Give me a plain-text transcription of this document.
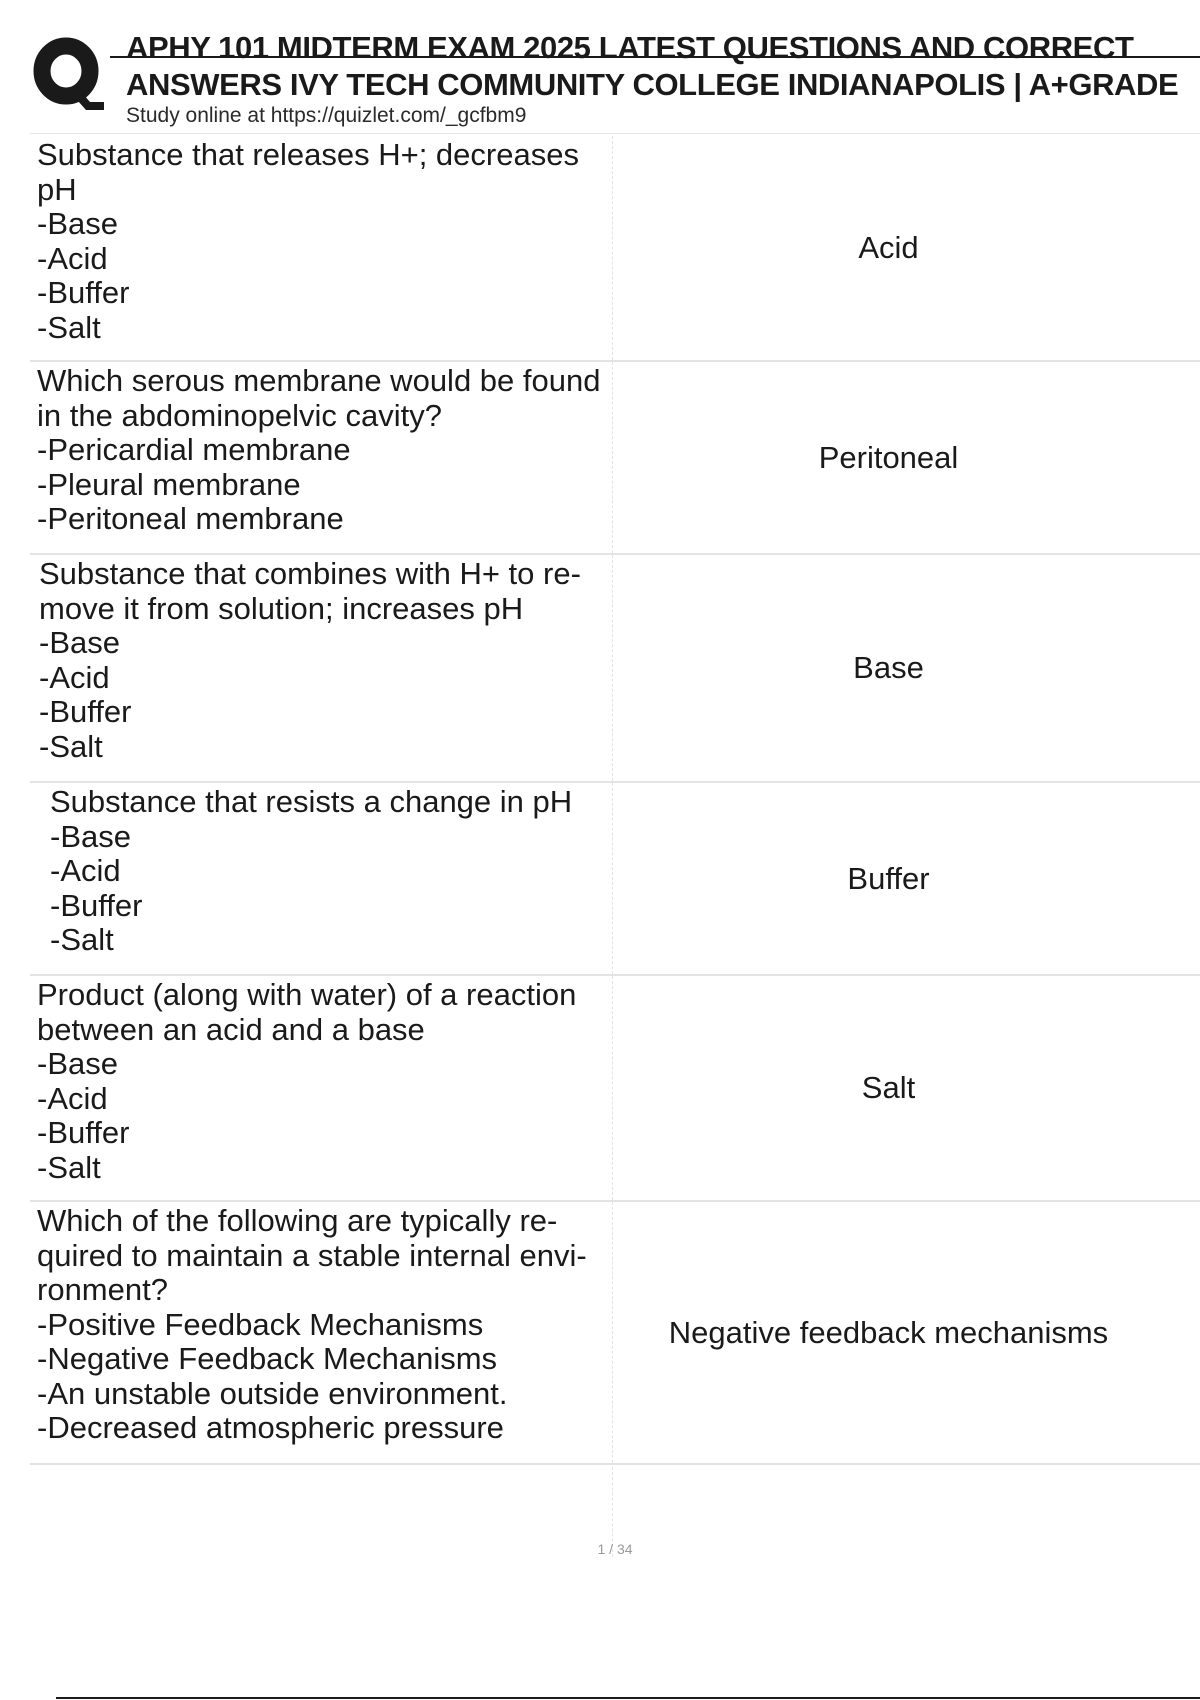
APHY 101 MIDTERM EXAM 2025 LATEST QUESTIONS AND CORRECT
ANSWERS IVY TECH COMMUNITY COLLEGE INDIANAPOLIS | A+GRADE
Study online at https://quizlet.com/_gcfbm9
Substance that releases H+; decreases
pH
-Base
-Acid
-Buffer
-Salt
Acid
Which serous membrane would be found
in the abdominopelvic cavity?
-Pericardial membrane
-Pleural membrane
-Peritoneal membrane
Peritoneal
Substance that combines with H+ to re-
move it from solution; increases pH
-Base
-Acid
-Buffer
-Salt
Base
Substance that resists a change in pH
-Base
-Acid
-Buffer
-Salt
Buffer
Product (along with water) of a reaction
between an acid and a base
-Base
-Acid
-Buffer
-Salt
Salt
Which of the following are typically re-
quired to maintain a stable internal envi-
ronment?
-Positive Feedback Mechanisms
-Negative Feedback Mechanisms
-An unstable outside environment.
-Decreased atmospheric pressure
Negative feedback mechanisms
1 / 34
